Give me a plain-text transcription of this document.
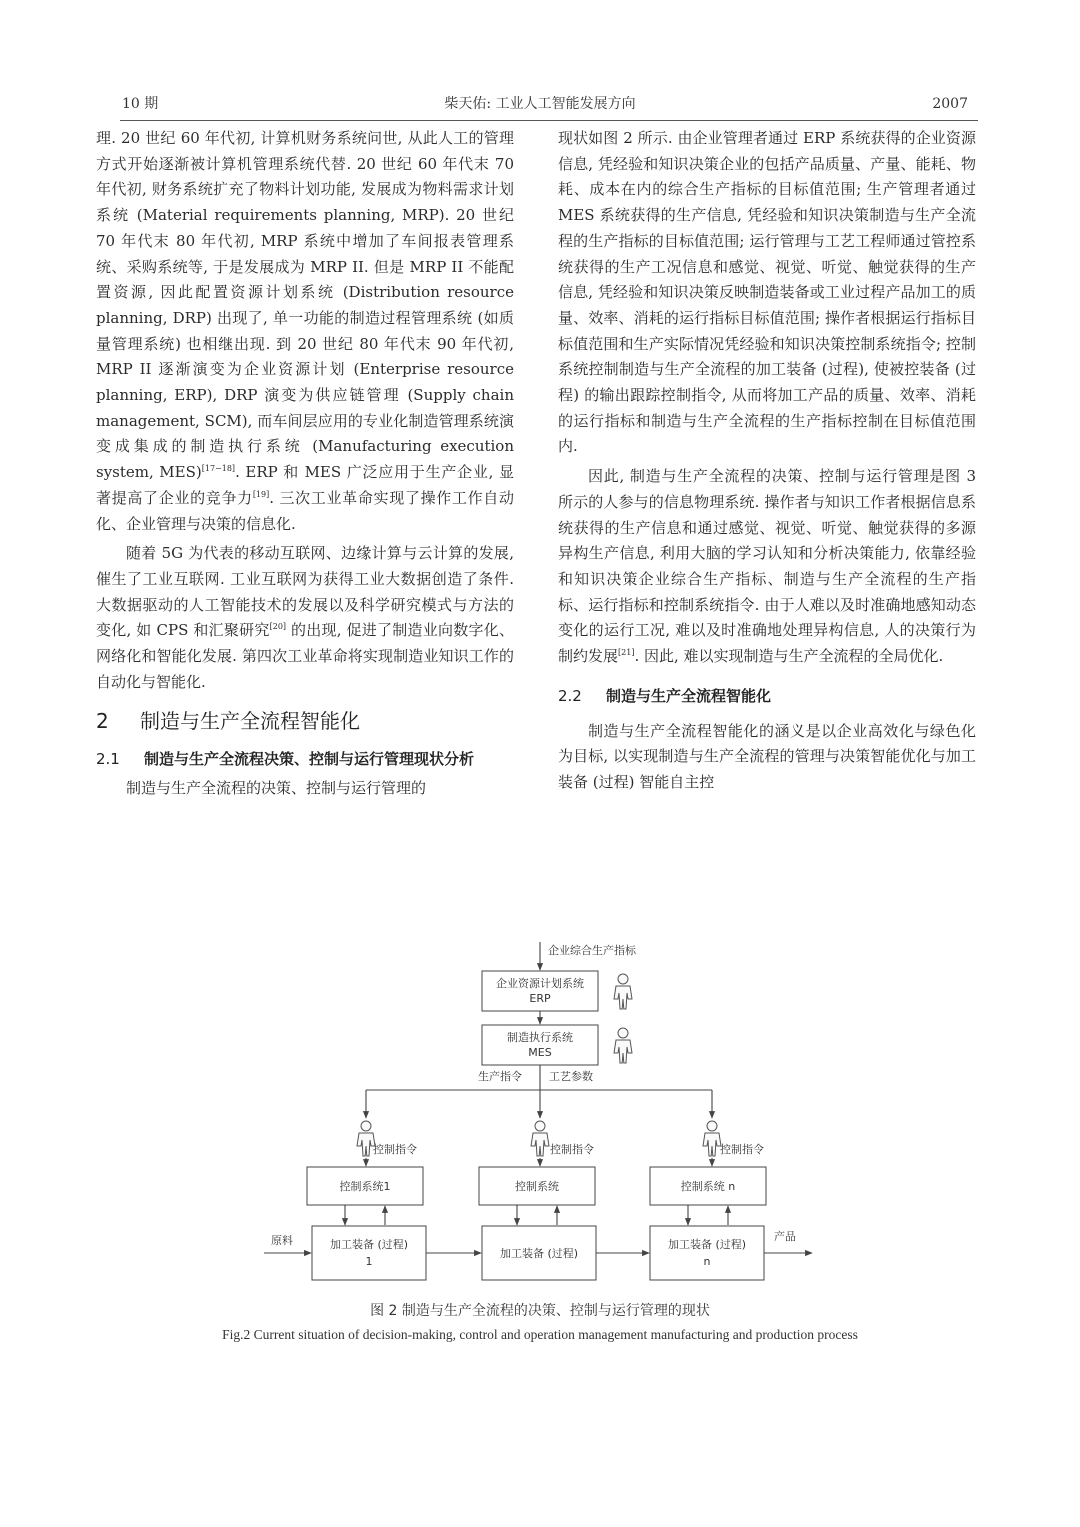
10 期	柴天佑: 工业人工智能发展方向	2007

理. 20 世纪 60 年代初, 计算机财务系统问世, 从此人工的管理方式开始逐渐被计算机管理系统代替. 20 世纪 60 年代末 70 年代初, 财务系统扩充了物料计划功能, 发展成为物料需求计划系统 (Material requirements planning, MRP). 20 世纪 70 年代末 80 年代初, MRP 系统中增加了车间报表管理系统、采购系统等, 于是发展成为 MRP II. 但是 MRP II 不能配置资源, 因此配置资源计划系统 (Distribution resource planning, DRP) 出现了, 单一功能的制造过程管理系统 (如质量管理系统) 也相继出现. 到 20 世纪 80 年代末 90 年代初, MRP II 逐渐演变为企业资源计划 (Enterprise resource planning, ERP), DRP 演变为供应链管理 (Supply chain management, SCM), 而车间层应用的专业化制造管理系统演变成集成的制造执行系统 (Manufacturing execution system, MES)[17−18]. ERP 和 MES 广泛应用于生产企业, 显著提高了企业的竞争力[19]. 三次工业革命实现了操作工作自动化、企业管理与决策的信息化.

随着 5G 为代表的移动互联网、边缘计算与云计算的发展, 催生了工业互联网. 工业互联网为获得工业大数据创造了条件. 大数据驱动的人工智能技术的发展以及科学研究模式与方法的变化, 如 CPS 和汇聚研究[20] 的出现, 促进了制造业向数字化、网络化和智能化发展. 第四次工业革命将实现制造业知识工作的自动化与智能化.

2 制造与生产全流程智能化

2.1	制造与生产全流程决策、控制与运行管理现状分析

制造与生产全流程的决策、控制与运行管理的

现状如图 2 所示. 由企业管理者通过 ERP 系统获得的企业资源信息, 凭经验和知识决策企业的包括产品质量、产量、能耗、物耗、成本在内的综合生产指标的目标值范围; 生产管理者通过 MES 系统获得的生产信息, 凭经验和知识决策制造与生产全流程的生产指标的目标值范围; 运行管理与工艺工程师通过管控系统获得的生产工况信息和感觉、视觉、听觉、触觉获得的生产信息, 凭经验和知识决策反映制造装备或工业过程产品加工的质量、效率、消耗的运行指标目标值范围; 操作者根据运行指标目标值范围和生产实际情况凭经验和知识决策控制系统指令; 控制系统控制制造与生产全流程的加工装备 (过程), 使被控装备 (过程) 的输出跟踪控制指令, 从而将加工产品的质量、效率、消耗的运行指标和制造与生产全流程的生产指标控制在目标值范围内.

因此, 制造与生产全流程的决策、控制与运行管理是图 3 所示的人参与的信息物理系统. 操作者与知识工作者根据信息系统获得的生产信息和通过感觉、视觉、听觉、触觉获得的多源异构生产信息, 利用大脑的学习认知和分析决策能力, 依靠经验和知识决策企业综合生产指标、制造与生产全流程的生产指标、运行指标和控制系统指令. 由于人难以及时准确地感知动态变化的运行工况, 难以及时准确地处理异构信息, 人的决策行为制约发展[21]. 因此, 难以实现制造与生产全流程的全局优化.

2.2	制造与生产全流程智能化

制造与生产全流程智能化的涵义是以企业高效化与绿色化为目标, 以实现制造与生产全流程的管理与决策智能优化与加工装备 (过程) 智能自主控

企业综合生产指标
企业资源计划系统
ERP
制造执行系统
MES
生产指令 工艺参数
控制指令	控制指令	控制指令
控制系统1	控制系统	控制系统 n
加工装备 (过程)
1
加工装备 (过程)
加工装备 (过程)
n
原料	产品
图 2 制造与生产全流程的决策、控制与运行管理的现状
Fig.2 Current situation of decision-making, control and operation management manufacturing and production process
